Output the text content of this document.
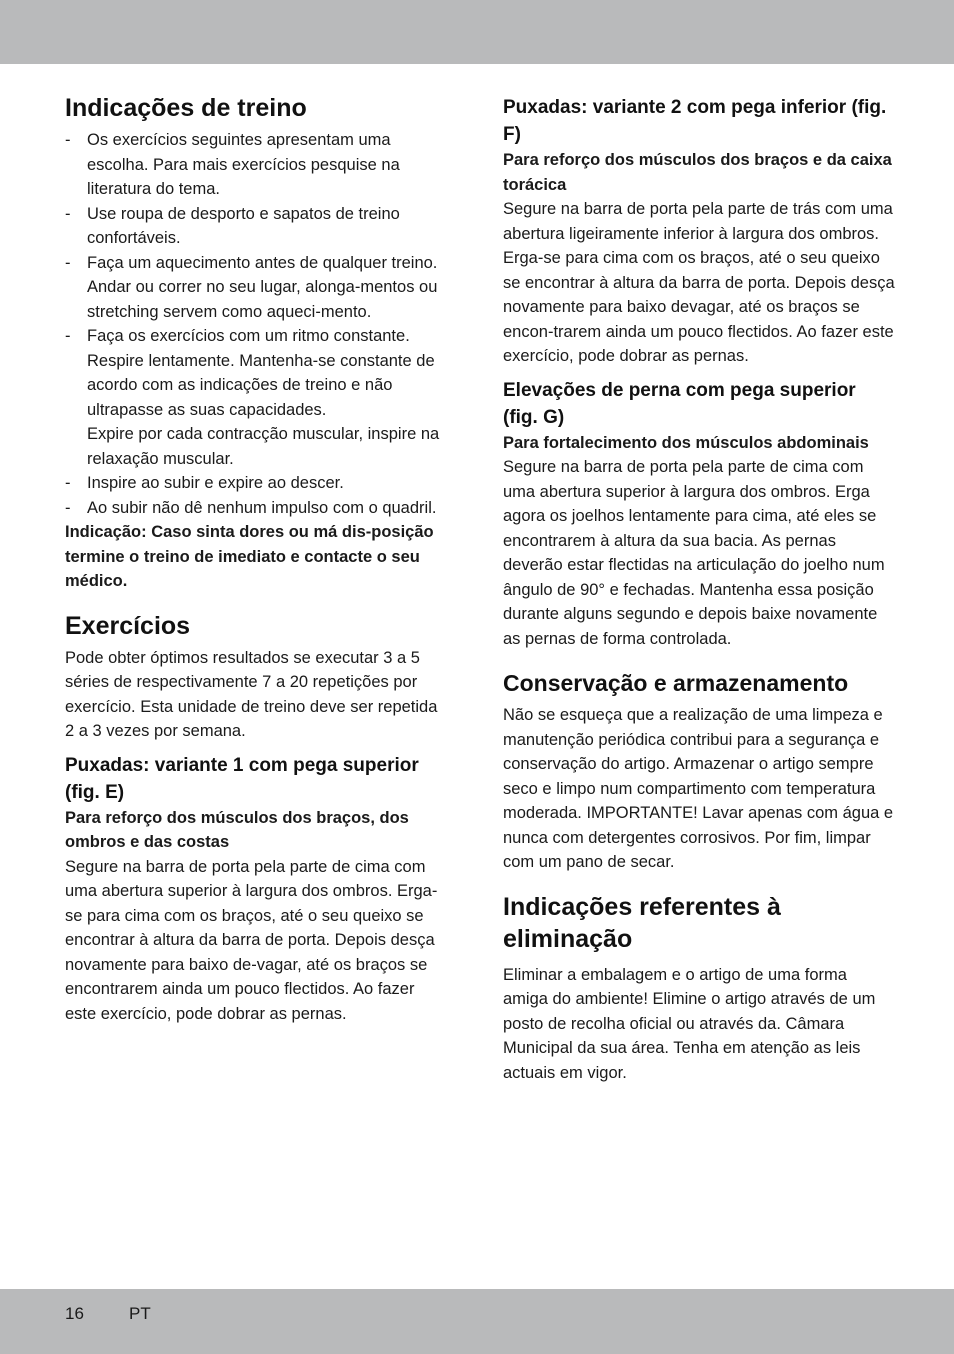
Indicações de treino
- Os exercícios seguintes apresentam uma escolha. Para mais exercícios pesquise na literatura do tema.
- Use roupa de desporto e sapatos de treino confortáveis.
- Faça um aquecimento antes de qualquer treino. Andar ou correr no seu lugar, alonga-mentos ou stretching servem como aqueci-mento.
- Faça os exercícios com um ritmo constante. Respire lentamente. Mantenha-se constante de acordo com as indicações de treino e não ultrapasse as suas capacidades.
Expire por cada contracção muscular, inspire na relaxação muscular.
- Inspire ao subir e expire ao descer.
- Ao subir não dê nenhum impulso com o quadril.

Indicação: Caso sinta dores ou má dis-posição termine o treino de imediato e contacte o seu médico.

Exercícios

Pode obter óptimos resultados se executar 3 a 5 séries de respectivamente 7 a 20 repetições por exercício. Esta unidade de treino deve ser repetida 2 a 3 vezes por semana.

Puxadas: variante 1 com pega superior (fig. E)

Para reforço dos músculos dos braços, dos ombros e das costas

Segure na barra de porta pela parte de cima com uma abertura superior à largura dos ombros. Erga-se para cima com os braços, até o seu queixo se encontrar à altura da barra de porta. Depois desça novamente para baixo de-vagar, até os braços se encontrarem ainda um pouco flectidos. Ao fazer este exercício, pode dobrar as pernas.

Puxadas: variante 2 com pega inferior (fig. F)

Para reforço dos músculos dos braços e da caixa torácica

Segure na barra de porta pela parte de trás com uma abertura ligeiramente inferior à largura dos ombros. Erga-se para cima com os braços, até o seu queixo se encontrar à altura da barra de porta. Depois desça novamente para baixo devagar, até os braços se encon-trarem ainda um pouco flectidos. Ao fazer este exercício, pode dobrar as pernas.

Elevações de perna com pega superior (fig. G)

Para fortalecimento dos músculos abdominais

Segure na barra de porta pela parte de cima com uma abertura superior à largura dos ombros. Erga agora os joelhos lentamente para cima, até eles se encontrarem à altura da sua bacia. As pernas deverão estar flectidas na articulação do joelho num ângulo de 90° e fechadas. Mantenha essa posição durante alguns segundo e depois baixe novamente as pernas de forma controlada.

Conservação e armazenamento

Não se esqueça que a realização de uma limpeza e manutenção periódica contribui para a segurança e conservação do artigo. Armazenar o artigo sempre seco e limpo num compartimento com temperatura moderada. IMPORTANTE! Lavar apenas com água e nunca com detergentes corrosivos. Por fim, limpar com um pano de secar.

Indicações referentes à eliminação

Eliminar a embalagem e o artigo de uma forma amiga do ambiente! Elimine o artigo através de um posto de recolha oficial ou através da. Câmara Municipal da sua área. Tenha em atenção as leis actuais em vigor.

16	PT
